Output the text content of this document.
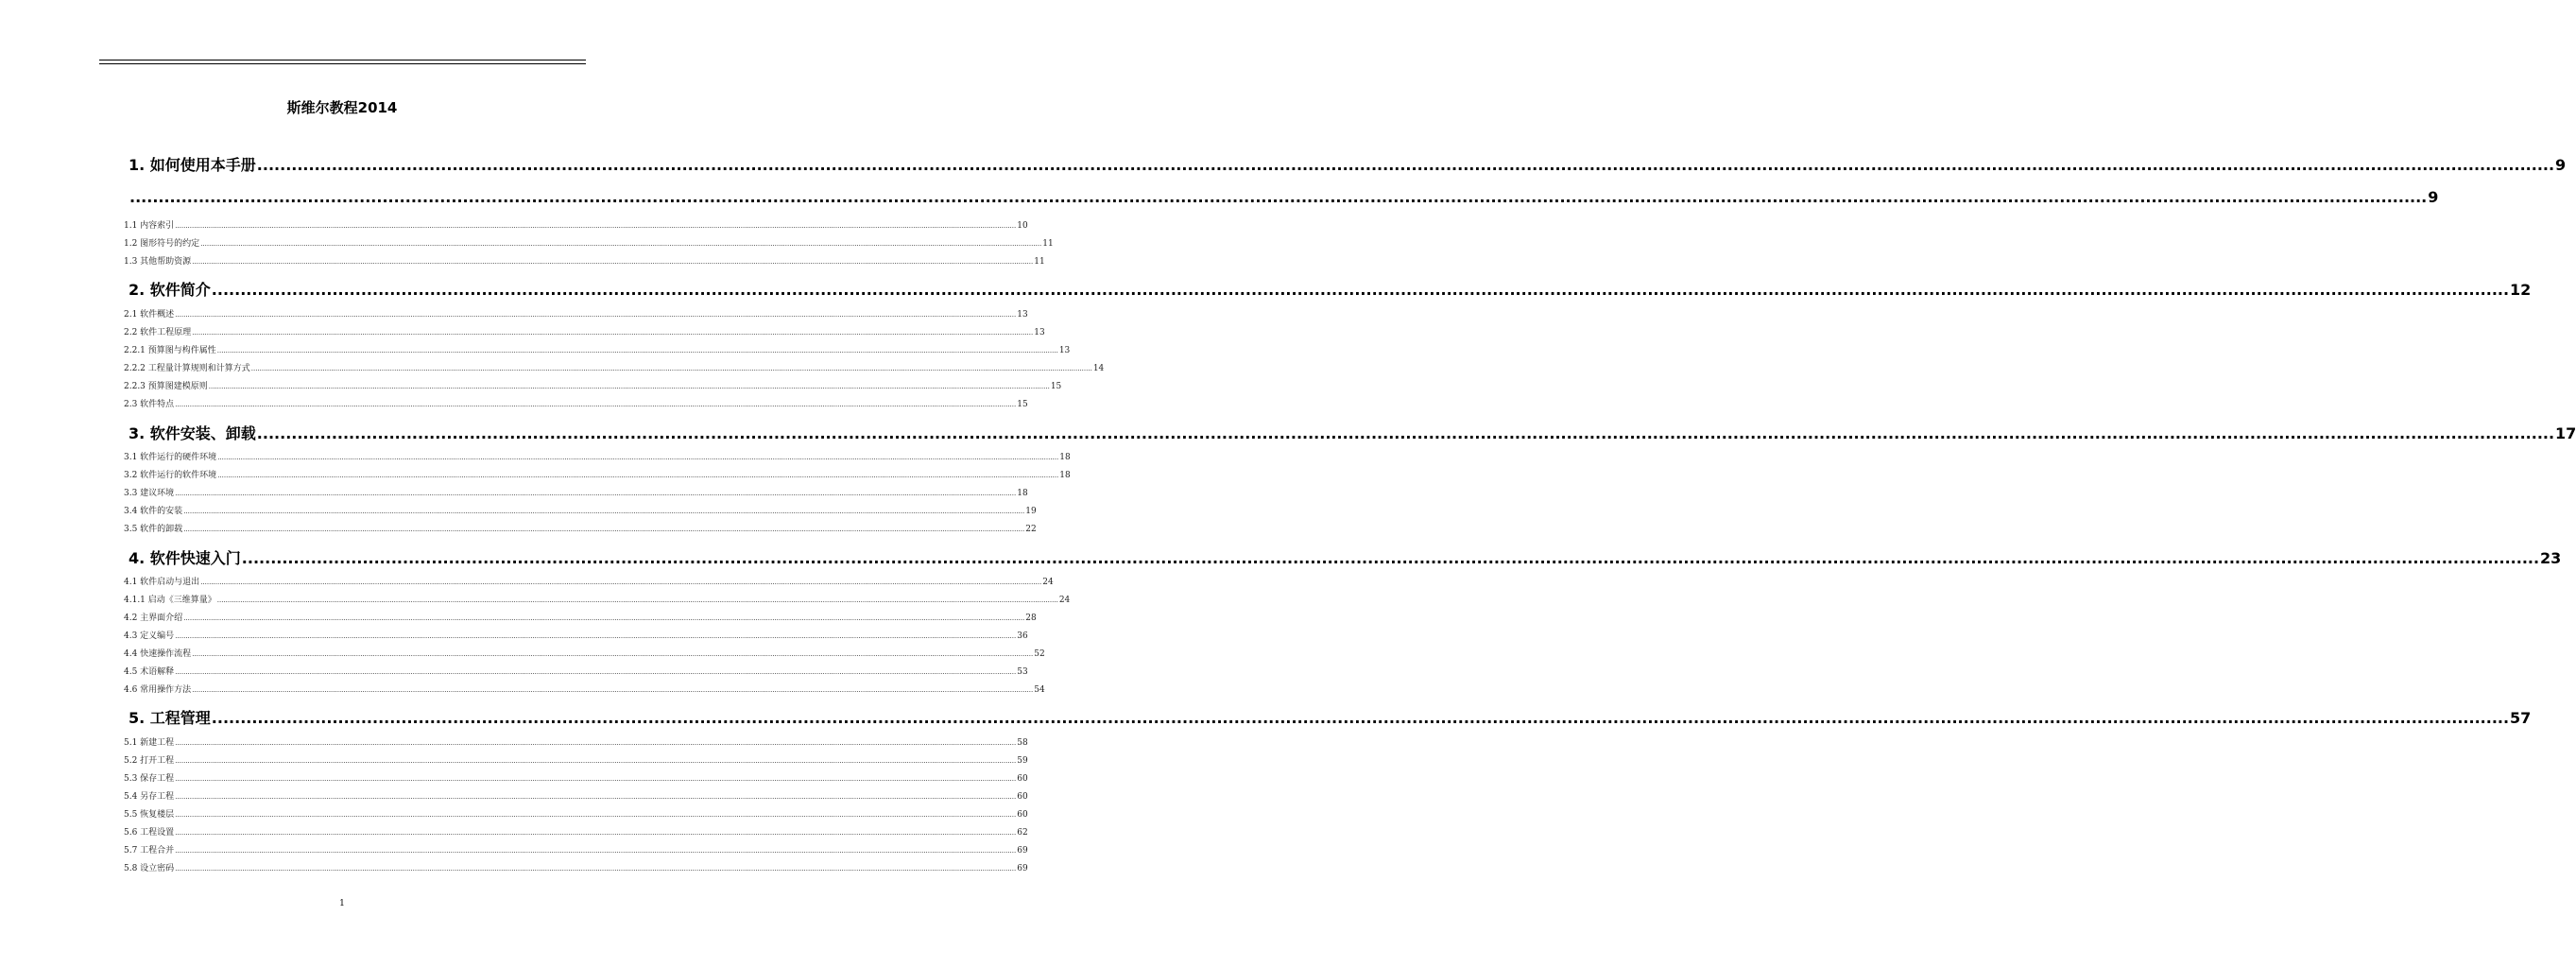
斯维尔教程2014
1. 如何使用本手册 ................................................................................................................................................................................................................................................................................................................................................................................................................ 9
................................................................................................................................................................................................................................................................................................................................................................................................................ 9
1.1 内容索引 ................................................................................................................................................................................................................................................................................................................................................................................................................ 10
1.2 图形符号的约定 ................................................................................................................................................................................................................................................................................................................................................................................................................ 11
1.3 其他帮助资源 ................................................................................................................................................................................................................................................................................................................................................................................................................ 11
2. 软件简介 ................................................................................................................................................................................................................................................................................................................................................................................................................ 12
2.1 软件概述 ................................................................................................................................................................................................................................................................................................................................................................................................................ 13
2.2 软件工程原理 ................................................................................................................................................................................................................................................................................................................................................................................................................ 13
2.2.1 预算图与构件属性 ................................................................................................................................................................................................................................................................................................................................................................................................................ 13
2.2.2 工程量计算规则和计算方式 ................................................................................................................................................................................................................................................................................................................................................................................................................ 14
2.2.3 预算图建模原则 ................................................................................................................................................................................................................................................................................................................................................................................................................ 15
2.3 软件特点 ................................................................................................................................................................................................................................................................................................................................................................................................................ 15
3. 软件安装、卸载 ................................................................................................................................................................................................................................................................................................................................................................................................................ 17
3.1 软件运行的硬件环境 ................................................................................................................................................................................................................................................................................................................................................................................................................ 18
3.2 软件运行的软件环境 ................................................................................................................................................................................................................................................................................................................................................................................................................ 18
3.3 建议环境 ................................................................................................................................................................................................................................................................................................................................................................................................................ 18
3.4 软件的安装 ................................................................................................................................................................................................................................................................................................................................................................................................................ 19
3.5 软件的卸载 ................................................................................................................................................................................................................................................................................................................................................................................................................ 22
4. 软件快速入门 ................................................................................................................................................................................................................................................................................................................................................................................................................ 23
4.1 软件启动与退出 ................................................................................................................................................................................................................................................................................................................................................................................................................ 24
4.1.1 启动《三维算量》 ................................................................................................................................................................................................................................................................................................................................................................................................................ 24
4.2 主界面介绍 ................................................................................................................................................................................................................................................................................................................................................................................................................ 28
4.3 定义编号 ................................................................................................................................................................................................................................................................................................................................................................................................................ 36
4.4 快速操作流程 ................................................................................................................................................................................................................................................................................................................................................................................................................ 52
4.5 术语解释 ................................................................................................................................................................................................................................................................................................................................................................................................................ 53
4.6 常用操作方法 ................................................................................................................................................................................................................................................................................................................................................................................................................ 54
5. 工程管理 ................................................................................................................................................................................................................................................................................................................................................................................................................ 57
5.1 新建工程 ................................................................................................................................................................................................................................................................................................................................................................................................................ 58
5.2 打开工程 ................................................................................................................................................................................................................................................................................................................................................................................................................ 59
5.3 保存工程 ................................................................................................................................................................................................................................................................................................................................................................................................................ 60
5.4 另存工程 ................................................................................................................................................................................................................................................................................................................................................................................................................ 60
5.5 恢复楼层 ................................................................................................................................................................................................................................................................................................................................................................................................................ 60
5.6 工程设置 ................................................................................................................................................................................................................................................................................................................................................................................................................ 62
5.7 工程合并 ................................................................................................................................................................................................................................................................................................................................................................................................................ 69
5.8 设立密码 ................................................................................................................................................................................................................................................................................................................................................................................................................ 69
1
